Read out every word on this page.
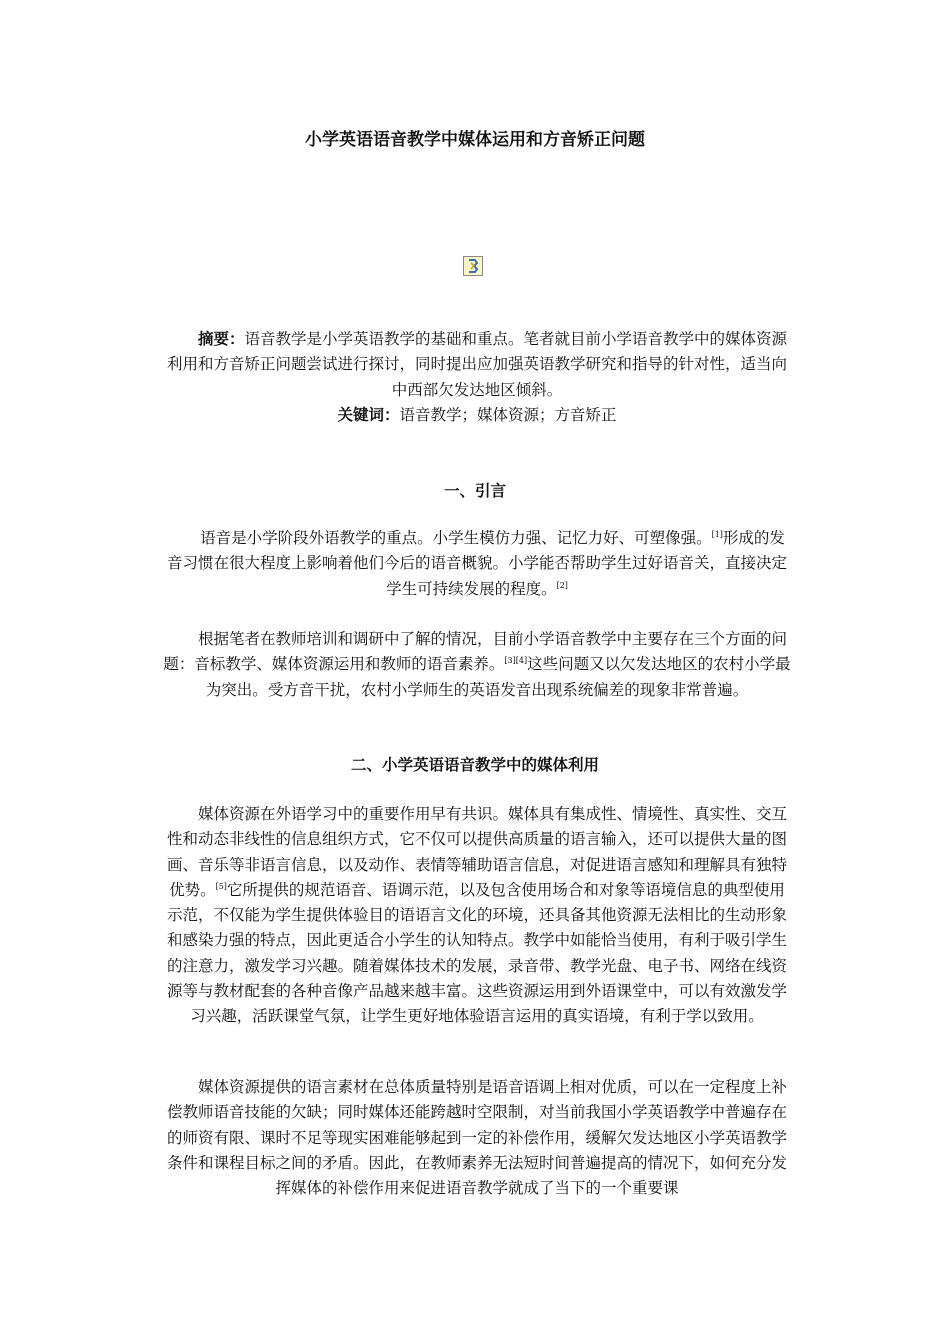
小学英语语音教学中媒体运用和方音矫正问题
摘要：语音教学是小学英语教学的基础和重点。笔者就目前小学语音教学中的媒体资源利用和方音矫正问题尝试进行探讨，同时提出应加强英语教学研究和指导的针对性，适当向中西部欠发达地区倾斜。
关键词：语音教学；媒体资源；方音矫正
一、引言
语音是小学阶段外语教学的重点。小学生模仿力强、记忆力好、可塑像强。[1]形成的发音习惯在很大程度上影响着他们今后的语音概貌。小学能否帮助学生过好语音关，直接决定学生可持续发展的程度。[2]
根据笔者在教师培训和调研中了解的情况，目前小学语音教学中主要存在三个方面的问题：音标教学、媒体资源运用和教师的语音素养。[3][4]这些问题又以欠发达地区的农村小学最为突出。受方音干扰，农村小学师生的英语发音出现系统偏差的现象非常普遍。
二、小学英语语音教学中的媒体利用
媒体资源在外语学习中的重要作用早有共识。媒体具有集成性、情境性、真实性、交互性和动态非线性的信息组织方式，它不仅可以提供高质量的语言输入，还可以提供大量的图画、音乐等非语言信息，以及动作、表情等辅助语言信息，对促进语言感知和理解具有独特优势。[5]它所提供的规范语音、语调示范，以及包含使用场合和对象等语境信息的典型使用示范，不仅能为学生提供体验目的语语言文化的环境，还具备其他资源无法相比的生动形象和感染力强的特点，因此更适合小学生的认知特点。教学中如能恰当使用，有利于吸引学生的注意力，激发学习兴趣。随着媒体技术的发展，录音带、教学光盘、电子书、网络在线资源等与教材配套的各种音像产品越来越丰富。这些资源运用到外语课堂中，可以有效激发学习兴趣，活跃课堂气氛，让学生更好地体验语言运用的真实语境，有利于学以致用。
媒体资源提供的语言素材在总体质量特别是语音语调上相对优质，可以在一定程度上补偿教师语音技能的欠缺；同时媒体还能跨越时空限制，对当前我国小学英语教学中普遍存在的师资有限、课时不足等现实困难能够起到一定的补偿作用，缓解欠发达地区小学英语教学条件和课程目标之间的矛盾。因此，在教师素养无法短时间普遍提高的情况下，如何充分发挥媒体的补偿作用来促进语音教学就成了当下的一个重要课
